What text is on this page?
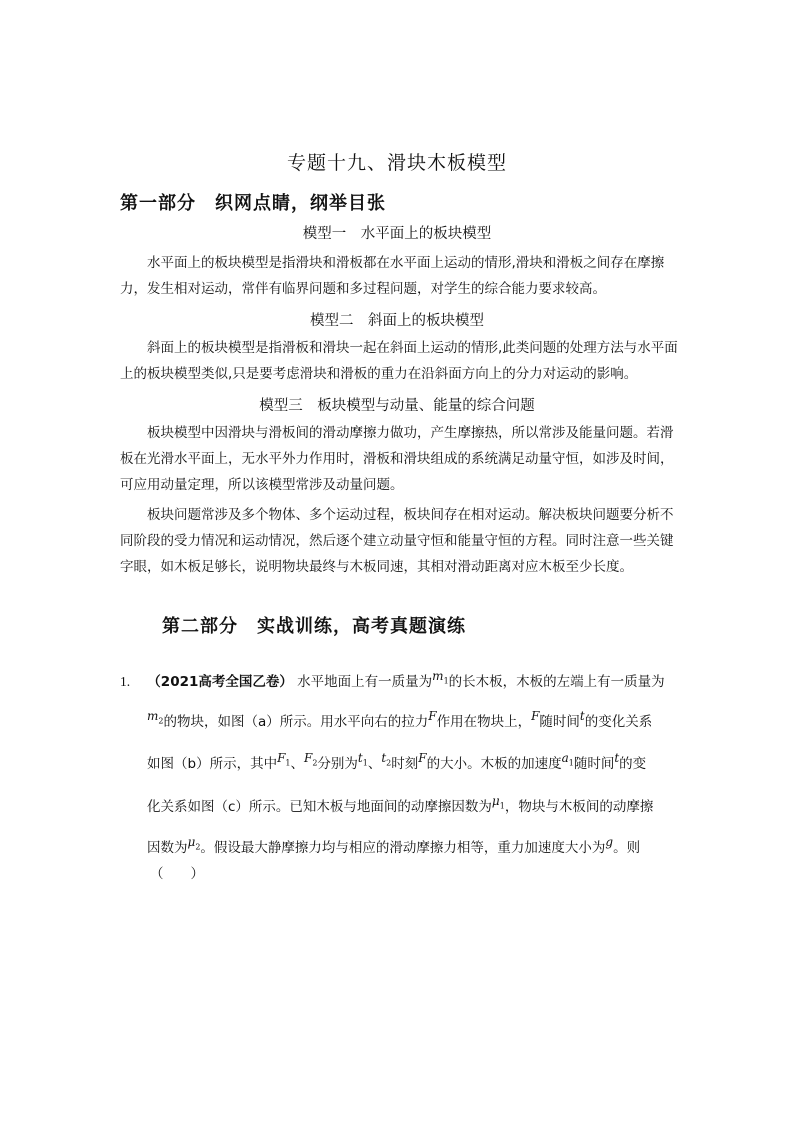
专题十九、滑块木板模型
第一部分　织网点睛，纲举目张
模型一　水平面上的板块模型

水平面上的板块模型是指滑块和滑板都在水平面上运动的情形,滑块和滑板之间存在摩擦力，发生相对运动，常伴有临界问题和多过程问题，对学生的综合能力要求较高。

模型二　斜面上的板块模型

斜面上的板块模型是指滑板和滑块一起在斜面上运动的情形,此类问题的处理方法与水平面上的板块模型类似,只是要考虑滑块和滑板的重力在沿斜面方向上的分力对运动的影响。

模型三　板块模型与动量、能量的综合问题

板块模型中因滑块与滑板间的滑动摩擦力做功，产生摩擦热，所以常涉及能量问题。若滑板在光滑水平面上，无水平外力作用时，滑板和滑块组成的系统满足动量守恒，如涉及时间，可应用动量定理，所以该模型常涉及动量问题。

板块问题常涉及多个物体、多个运动过程，板块间存在相对运动。解决板块问题要分析不同阶段的受力情况和运动情况，然后逐个建立动量守恒和能量守恒的方程。同时注意一些关键字眼，如木板足够长，说明物块最终与木板同速，其相对滑动距离对应木板至少长度。

第二部分　实战训练，高考真题演练
1. （2021高考全国乙卷） 水平地面上有一质量为$m_1$的长木板，木板的左端上有一质量为
$m_2$的物块，如图（a）所示。用水平向右的拉力F作用在物块上，F随时间t的变化关系
如图（b）所示，其中$F_1$、$F_2$分别为$t_1$、$t_2$时刻F的大小。木板的加速度$a_1$随时间t的变
化关系如图（c）所示。已知木板与地面间的动摩擦因数为$\mu_1$，物块与木板间的动摩擦
因数为$\mu_2$。假设最大静摩擦力均与相应的滑动摩擦力相等，重力加速度大小为g。则
（　　）
